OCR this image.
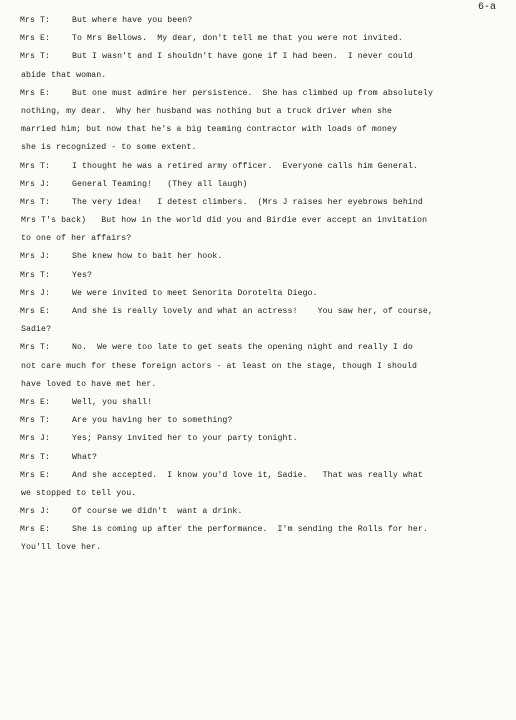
6-a
Mrs T:	But where have you been?
Mrs E:	To Mrs Bellows.  My dear, don't tell me that you were not invited.
Mrs T:	But I wasn't and I shouldn't have gone if I had been.  I never could
abide that woman.
Mrs E:	But one must admire her persistence.  She has climbed up from absolutely
nothing, my dear.  Why her husband was nothing but a truck driver when she
married him; but now that he's a big teaming contractor with loads of money
she is recognized - to some extent.
Mrs T:	I thought he was a retired army officer.  Everyone calls him General.
Mrs J:	General Teaming!   (They all laugh)
Mrs T:	The very idea!   I detest climbers.  (Mrs J raises her eyebrows behind
Mrs T's back)   But how in the world did you and Birdie ever accept an invitation
to one of her affairs?
Mrs J:	She knew how to bait her hook.
Mrs T:	Yes?
Mrs J:	We were invited to meet Senorita Dorotelta Diego.
Mrs E:	And she is really lovely and what an actress!    You saw her, of course,
Sadie?
Mrs T:	No.  We were too late to get seats the opening night and really I do
not care much for these foreign actors - at least on the stage, though I should
have loved to have met her.
Mrs E:	Well, you shall!
Mrs T:	Are you having her to something?
Mrs J:	Yes; Pansy invited her to your party tonight.
Mrs T:	What?
Mrs E:	And she accepted.  I know you'd love it, Sadie.   That was really what
we stopped to tell you.
Mrs J:	Of course we didn't  want a drink.
Mrs E:	She is coming up after the performance.  I'm sending the Rolls for her.
You'll love her.
